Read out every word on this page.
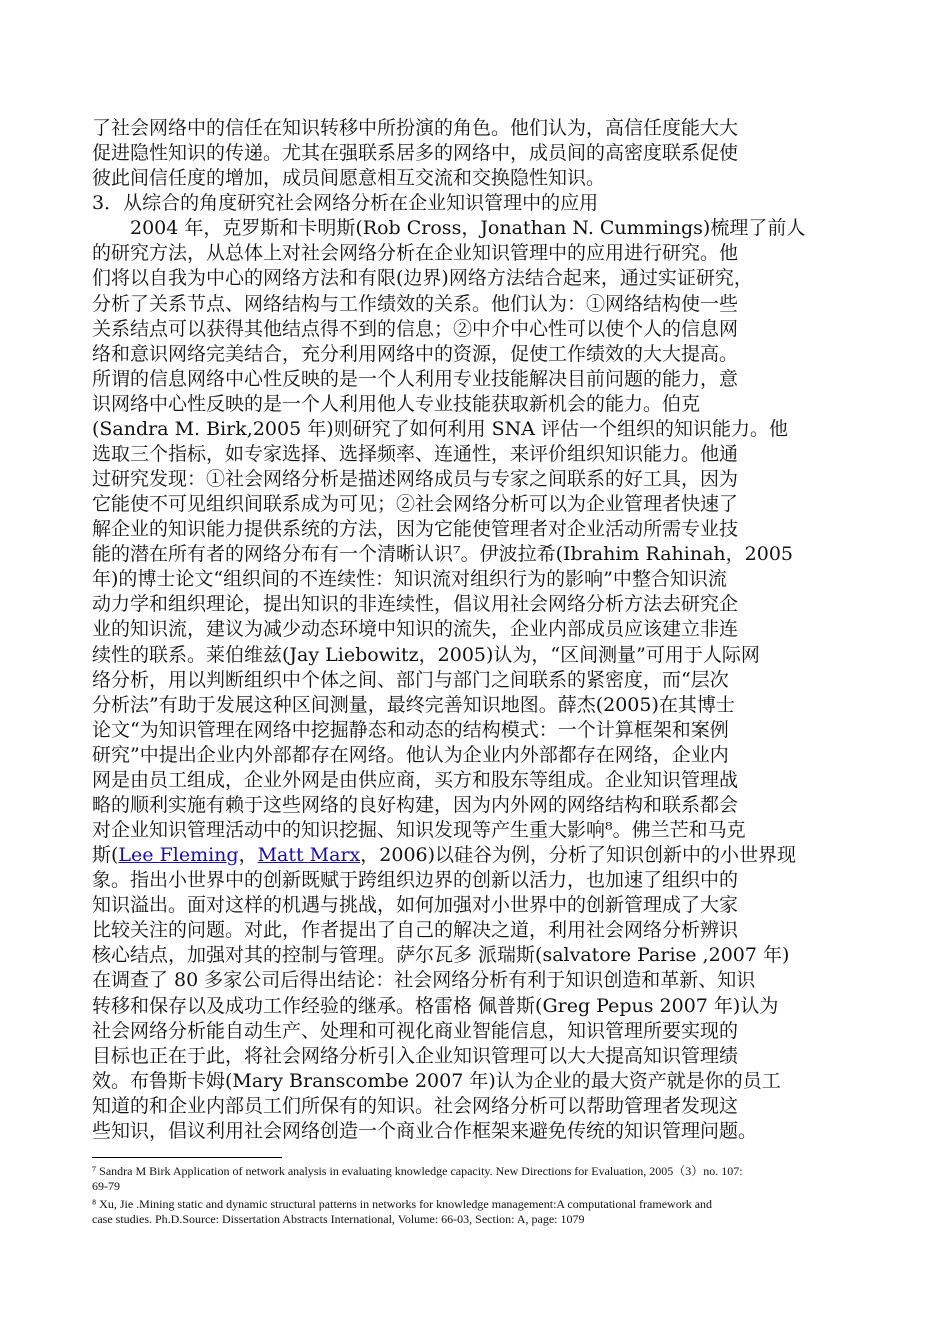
了社会网络中的信任在知识转移中所扮演的角色。他们认为，高信任度能大大
促进隐性知识的传递。尤其在强联系居多的网络中，成员间的高密度联系促使
彼此间信任度的增加，成员间愿意相互交流和交换隐性知识。
3．从综合的角度研究社会网络分析在企业知识管理中的应用
　　2004 年，克罗斯和卡明斯(Rob Cross，Jonathan N. Cummings)梳理了前人
的研究方法，从总体上对社会网络分析在企业知识管理中的应用进行研究。他
们将以自我为中心的网络方法和有限(边界)网络方法结合起来，通过实证研究，
分析了关系节点、网络结构与工作绩效的关系。他们认为：①网络结构使一些
关系结点可以获得其他结点得不到的信息；②中介中心性可以使个人的信息网
络和意识网络完美结合，充分利用网络中的资源，促使工作绩效的大大提高。
所谓的信息网络中心性反映的是一个人利用专业技能解决目前问题的能力，意
识网络中心性反映的是一个人利用他人专业技能获取新机会的能力。伯克
(Sandra M. Birk,2005 年)则研究了如何利用 SNA 评估一个组织的知识能力。他
选取三个指标，如专家选择、选择频率、连通性，来评价组织知识能力。他通
过研究发现：①社会网络分析是描述网络成员与专家之间联系的好工具，因为
它能使不可见组织间联系成为可见；②社会网络分析可以为企业管理者快速了
解企业的知识能力提供系统的方法，因为它能使管理者对企业活动所需专业技
能的潜在所有者的网络分布有一个清晰认识⁷。伊波拉希(Ibrahim Rahinah，2005
年)的博士论文“组织间的不连续性：知识流对组织行为的影响”中整合知识流
动力学和组织理论，提出知识的非连续性，倡议用社会网络分析方法去研究企
业的知识流，建议为减少动态环境中知识的流失，企业内部成员应该建立非连
续性的联系。莱伯维兹(Jay Liebowitz，2005)认为，“区间测量”可用于人际网
络分析，用以判断组织中个体之间、部门与部门之间联系的紧密度，而“层次
分析法”有助于发展这种区间测量，最终完善知识地图。薛杰(2005)在其博士
论文“为知识管理在网络中挖掘静态和动态的结构模式：一个计算框架和案例
研究”中提出企业内外部都存在网络。他认为企业内外部都存在网络，企业内
网是由员工组成，企业外网是由供应商，买方和股东等组成。企业知识管理战
略的顺利实施有赖于这些网络的良好构建，因为内外网的网络结构和联系都会
对企业知识管理活动中的知识挖掘、知识发现等产生重大影响⁸。佛兰芒和马克
斯(Lee Fleming，Matt Marx，2006)以硅谷为例，分析了知识创新中的小世界现
象。指出小世界中的创新既赋于跨组织边界的创新以活力，也加速了组织中的
知识溢出。面对这样的机遇与挑战，如何加强对小世界中的创新管理成了大家
比较关注的问题。对此，作者提出了自己的解决之道，利用社会网络分析辨识
核心结点，加强对其的控制与管理。萨尔瓦多 派瑞斯(salvatore Parise ,2007 年)
在调查了 80 多家公司后得出结论：社会网络分析有利于知识创造和革新、知识
转移和保存以及成功工作经验的继承。格雷格 佩普斯(Greg Pepus 2007 年)认为
社会网络分析能自动生产、处理和可视化商业智能信息，知识管理所要实现的
目标也正在于此，将社会网络分析引入企业知识管理可以大大提高知识管理绩
效。布鲁斯卡姆(Mary Branscombe 2007 年)认为企业的最大资产就是你的员工
知道的和企业内部员工们所保有的知识。社会网络分析可以帮助管理者发现这
些知识，倡议利用社会网络创造一个商业合作框架来避免传统的知识管理问题。
⁷ Sandra M Birk Application of network analysis in evaluating knowledge capacity. New Directions for Evaluation, 2005（3）no. 107:
69-79
⁸ Xu, Jie .Mining static and dynamic structural patterns in networks for knowledge management:A computational framework and
case studies. Ph.D.Source: Dissertation Abstracts International, Volume: 66-03, Section: A, page: 1079
